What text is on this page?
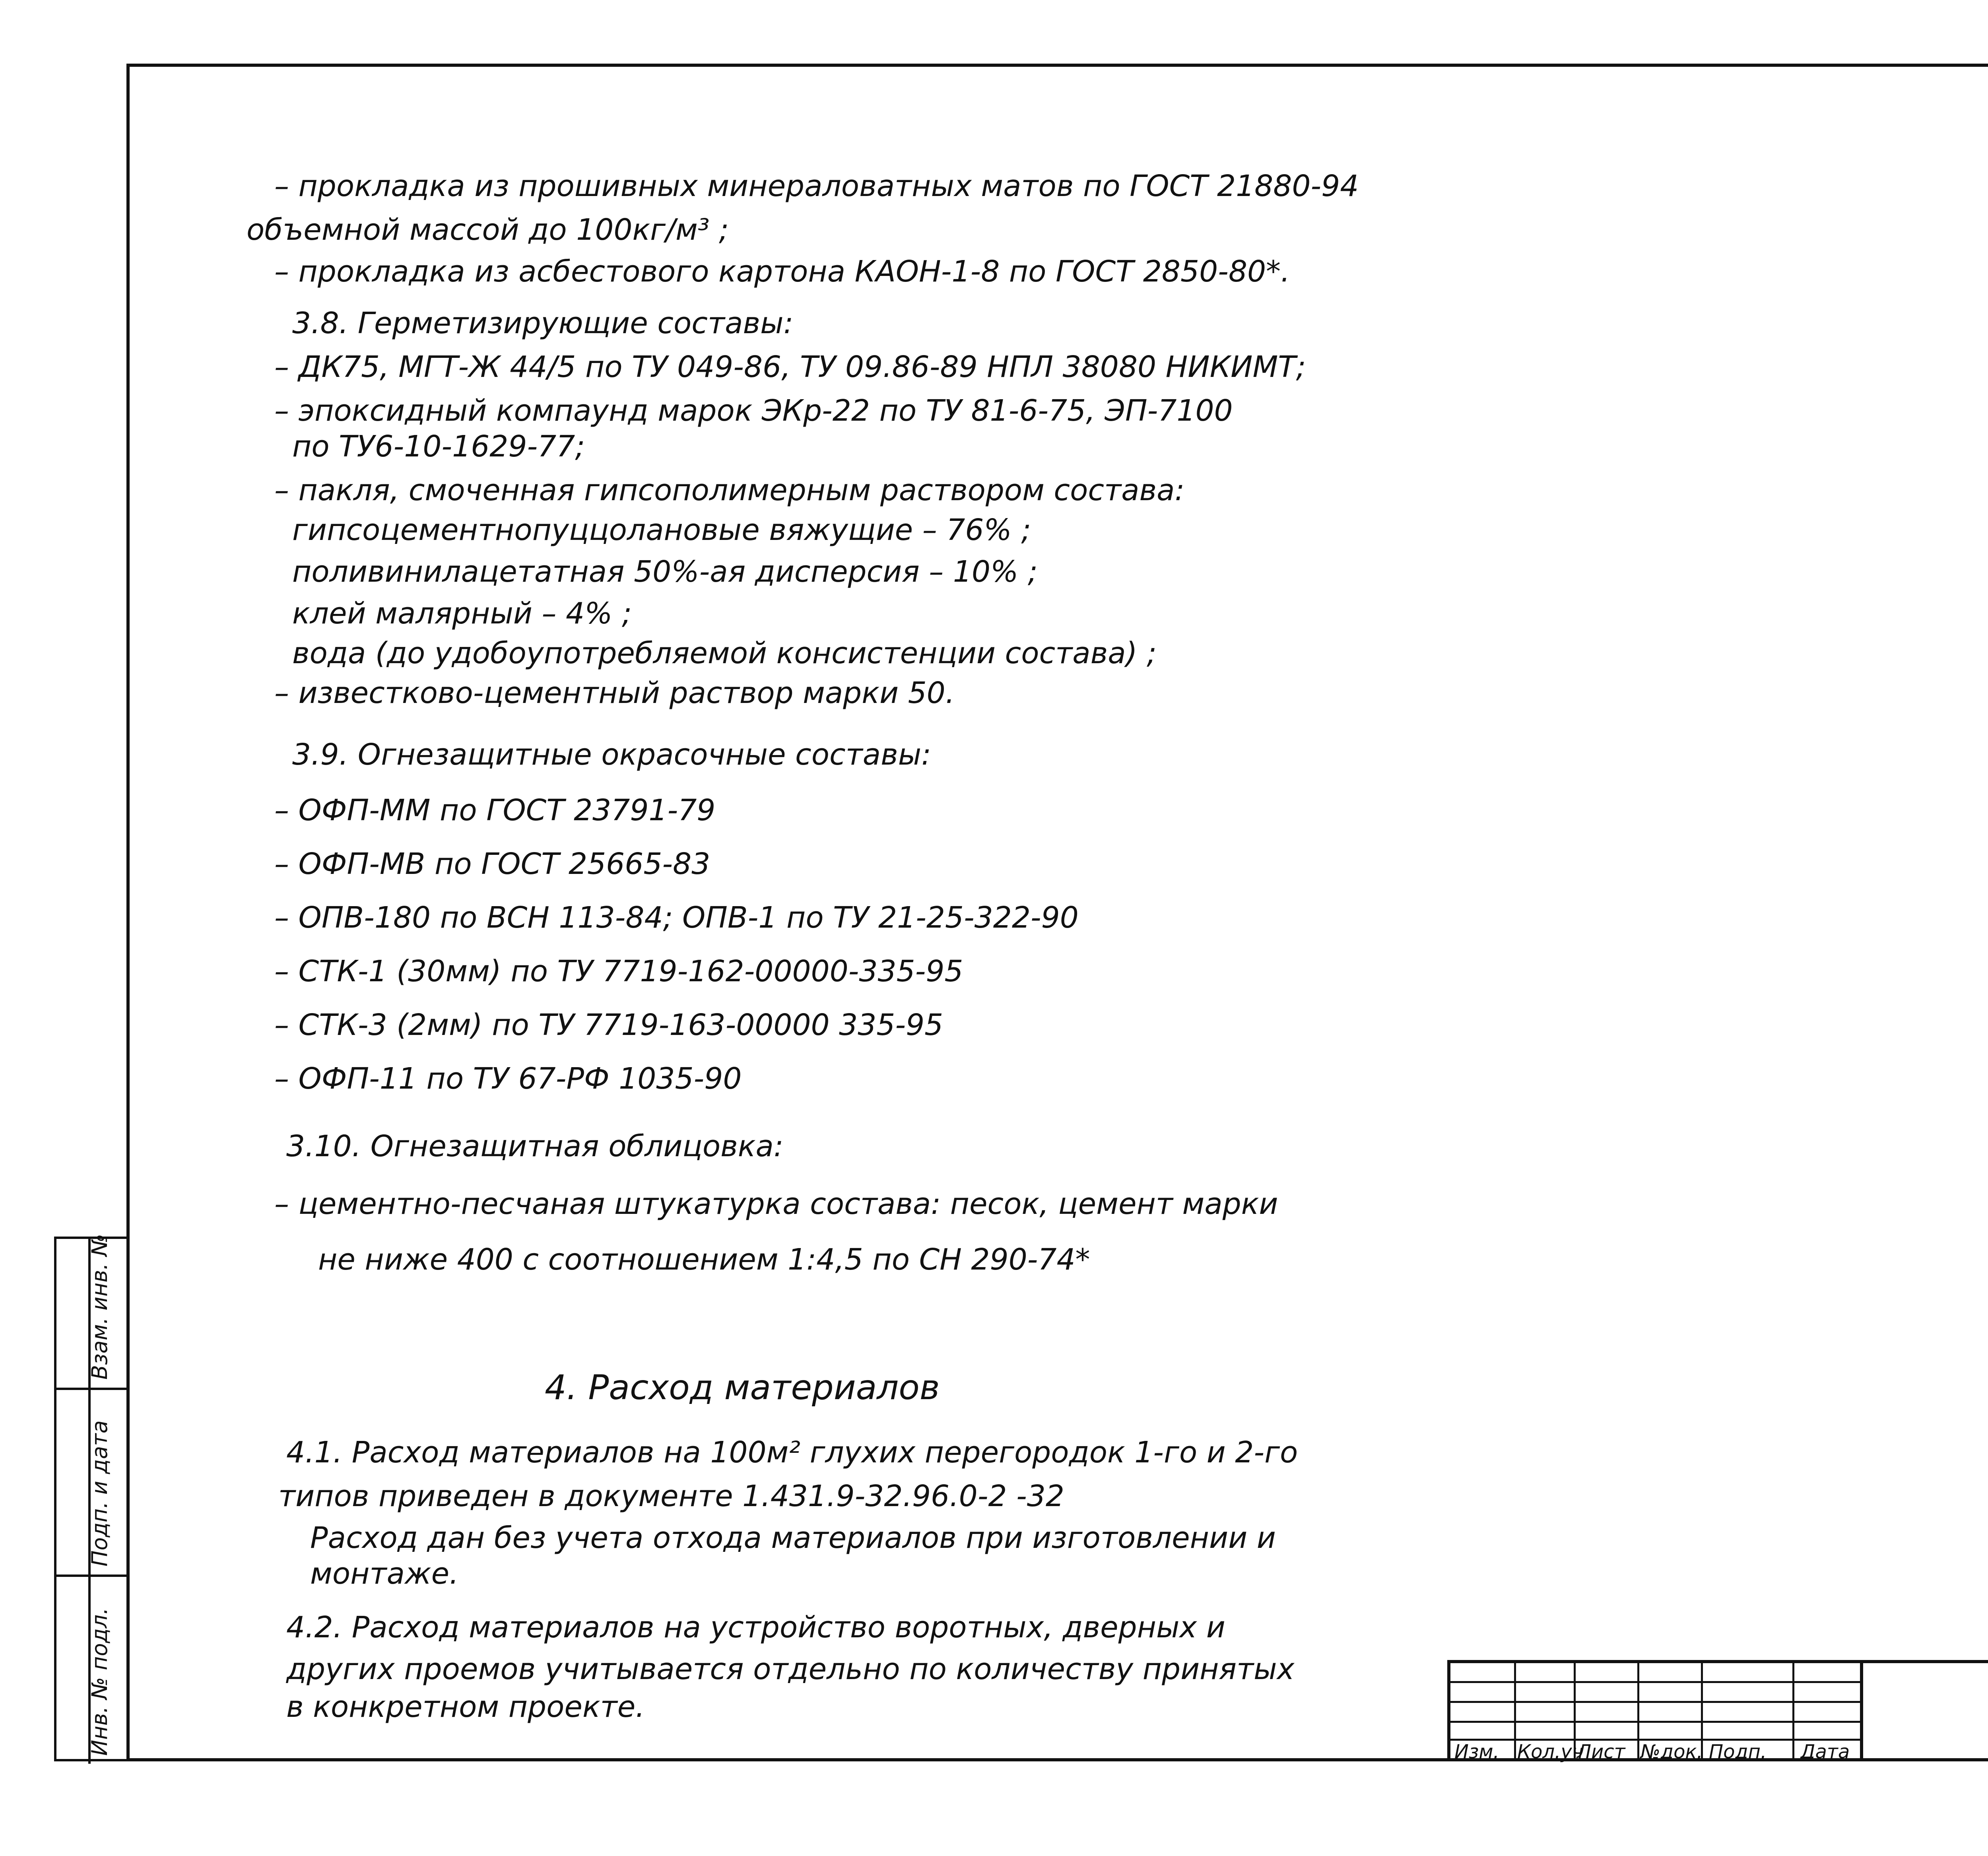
– прокладка из прошивных минераловатных матов по ГОСТ 21880-94
объемной массой до 100кг/м³ ;
– прокладка из асбестового картона КАОН-1-8 по ГОСТ 2850-80*.
3.8. Герметизирующие составы:
– ДК75, МГТ-Ж 44/5 по ТУ 049-86, ТУ 09.86-89 НПЛ 38080 НИКИМТ;
– эпоксидный компаунд марок ЭКр-22 по ТУ 81-6-75, ЭП-7100
по ТУ6-10-1629-77;
– пакля, смоченная гипсополимерным раствором состава:
гипсоцементнопуццолановые вяжущие – 76% ;
поливинилацетатная 50%-ая дисперсия – 10% ;
клей малярный – 4% ;
вода (до удобоупотребляемой консистенции состава) ;
– известково-цементный раствор марки 50.
3.9. Огнезащитные окрасочные составы:
– ОФП-ММ по ГОСТ 23791-79
– ОФП-МВ по ГОСТ 25665-83
– ОПВ-180 по ВСН 113-84; ОПВ-1 по ТУ 21-25-322-90
– СТК-1 (30мм) по ТУ 7719-162-00000-335-95
– СТК-3 (2мм) по ТУ 7719-163-00000 335-95
– ОФП-11 по ТУ 67-РФ 1035-90
3.10. Огнезащитная облицовка:
– цементно-песчаная штукатурка состава: песок, цемент марки
не ниже 400 с соотношением 1:4,5 по СН 290-74*
4. Расход материалов
4.1. Расход материалов на 100м² глухих перегородок 1-го и 2-го
типов приведен в документе 1.431.9-32.96.0-2 -32
Расход дан без учета отхода материалов при изготовлении и
монтаже.
4.2. Расход материалов на устройство воротных, дверных и
других проемов учитывается отдельно по количеству принятых
в конкретном проекте.
Взам. инв. №
Подп. и дата
Инв. № подл.	Изм. Кол.уч
Лист №док. Подп. Дата
